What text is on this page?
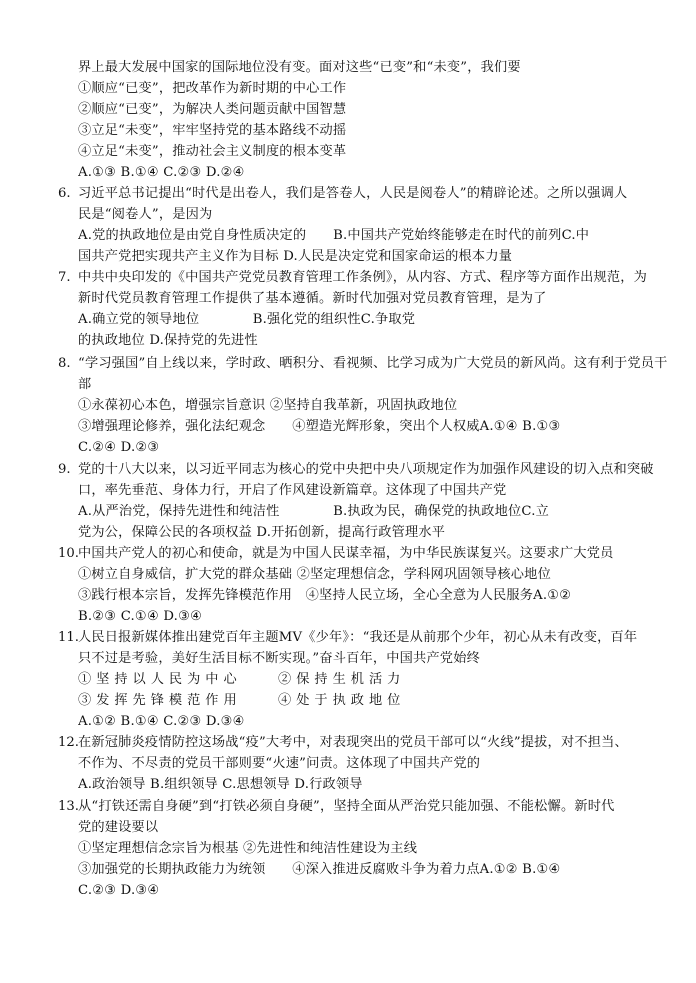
界上最大发展中国家的国际地位没有变。面对这些“已变”和“未变”，我们要
①顺应“已变”，把改革作为新时期的中心工作
②顺应“已变”，为解决人类问题贡献中国智慧
③立足“未变”，牢牢坚持党的基本路线不动摇
④立足“未变”，推动社会主义制度的根本变革
A.①③ B.①④ C.②③ D.②④
6. 习近平总书记提出“时代是出卷人，我们是答卷人，人民是阅卷人”的精辟论述。之所以强调人
民是“阅卷人”，是因为
A.党的执政地位是由党自身性质决定的　　B.中国共产党始终能够走在时代的前列C.中
国共产党把实现共产主义作为目标 D.人民是决定党和国家命运的根本力量
7. 中共中央印发的《中国共产党党员教育管理工作条例》，从内容、方式、程序等方面作出规范，为
新时代党员教育管理工作提供了基本遵循。新时代加强对党员教育管理，是为了
A.确立党的领导地位　　　　B.强化党的组织性C.争取党
的执政地位 D.保持党的先进性
8. “学习强国”自上线以来，学时政、晒积分、看视频、比学习成为广大党员的新风尚。这有利于党员干
部
①永葆初心本色，增强宗旨意识 ②坚持自我革新，巩固执政地位
③增强理论修养，强化法纪观念　　④塑造光辉形象，突出个人权威A.①④ B.①③
C.②④ D.②③
9. 党的十八大以来，以习近平同志为核心的党中央把中央八项规定作为加强作风建设的切入点和突破
口，率先垂范、身体力行，开启了作风建设新篇章。这体现了中国共产党
A.从严治党，保持先进性和纯洁性　　　　B.执政为民，确保党的执政地位C.立
党为公，保障公民的各项权益 D.开拓创新，提高行政管理水平
10. 中国共产党人的初心和使命，就是为中国人民谋幸福，为中华民族谋复兴。这要求广大党员
①树立自身威信，扩大党的群众基础 ②坚定理想信念，学科网巩固领导核心地位
③践行根本宗旨，发挥先锋模范作用　④坚持人民立场，全心全意为人民服务A.①②
B.②③ C.①④ D.③④
11. 人民日报新媒体推出建党百年主题MV《少年》：“我还是从前那个少年，初心从未有改变，百年
只不过是考验，美好生活目标不断实现。”奋斗百年，中国共产党始终
①坚持以人民为中心　　②保持生机活力
③发挥先锋模范作用　　④处于执政地位
A.①② B.①④ C.②③ D.③④
12. 在新冠肺炎疫情防控这场战“疫”大考中，对表现突出的党员干部可以“火线”提拔，对不担当、
不作为、不尽责的党员干部则要“火速”问责。这体现了中国共产党的
A.政治领导 B.组织领导 C.思想领导 D.行政领导
13. 从“打铁还需自身硬”到“打铁必须自身硬”，坚持全面从严治党只能加强、不能松懈。新时代
党的建设要以
①坚定理想信念宗旨为根基 ②先进性和纯洁性建设为主线
③加强党的长期执政能力为统领　　④深入推进反腐败斗争为着力点A.①② B.①④
C.②③ D.③④
